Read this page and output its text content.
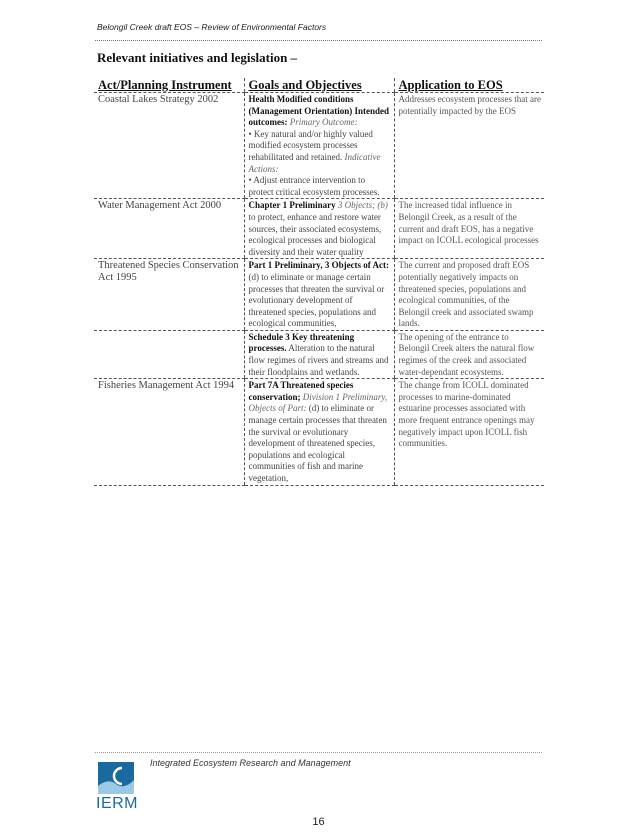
Belongil Creek draft EOS – Review of Environmental Factors
Relevant initiatives and legislation –
Act/Planning Instrument	Goals and Objectives	Application to EOS
Coastal Lakes Strategy 2002	Health Modified conditions (Management Orientation) Intended outcomes: Primary Outcome:
• Key natural and/or highly valued modified ecosystem processes rehabilitated and retained. Indicative Actions:
• Adjust entrance intervention to protect critical ecosystem processes.	Addresses ecosystem processes that are potentially impacted by the EOS
Water Management Act 2000	Chapter 1 Preliminary 3 Objects; (b) to protect, enhance and restore water sources, their associated ecosystems, ecological processes and biological diversity and their water quality	The increased tidal influence in Belongil Creek, as a result of the current and draft EOS, has a negative impact on ICOLL ecological processes
Threatened Species Conservation Act 1995	Part 1 Preliminary, 3 Objects of Act: (d) to eliminate or manage certain processes that threaten the survival or evolutionary development of threatened species, populations and ecological communities,	The current and proposed draft EOS potentially negatively impacts on threatened species, populations and ecological communities, of the Belongil creek and associated swamp lands.
	Schedule 3 Key threatening processes. Alteration to the natural flow regimes of rivers and streams and their floodplains and wetlands.	The opening of the entrance to Belongil Creek alters the natural flow regimes of the creek and associated water-dependant ecosystems.
Fisheries Management Act 1994	Part 7A Threatened species conservation; Division 1 Preliminary, Objects of Part: (d) to eliminate or manage certain processes that threaten the survival or evolutionary development of threatened species, populations and ecological communities of fish and marine vegetation,	The change from ICOLL dominated processes to marine-dominated estuarine processes associated with more frequent entrance openings may negatively impact upon ICOLL fish communities.
IERM
Integrated Ecosystem Research and Management
16
